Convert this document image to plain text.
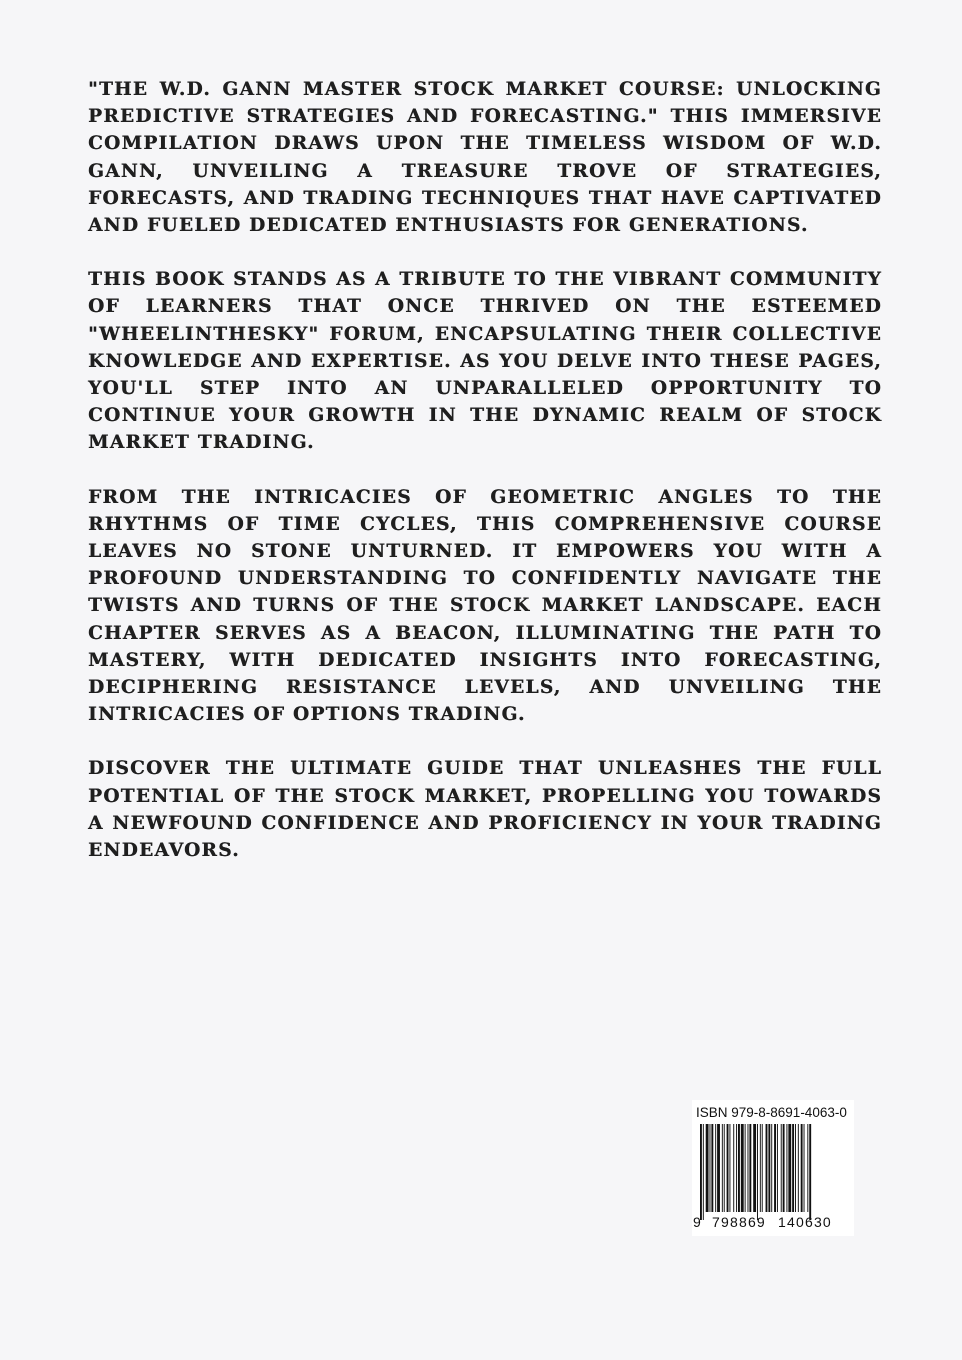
"THE W.D. GANN MASTER STOCK MARKET COURSE: UNLOCKING PREDICTIVE STRATEGIES AND FORECASTING." THIS IMMERSIVE COMPILATION DRAWS UPON THE TIMELESS WISDOM OF W.D. GANN, UNVEILING A TREASURE TROVE OF STRATEGIES, FORECASTS, AND TRADING TECHNIQUES THAT HAVE CAPTIVATED AND FUELED DEDICATED ENTHUSIASTS FOR GENERATIONS.

THIS BOOK STANDS AS A TRIBUTE TO THE VIBRANT COMMUNITY OF LEARNERS THAT ONCE THRIVED ON THE ESTEEMED "WHEELINTHESKY" FORUM, ENCAPSULATING THEIR COLLECTIVE KNOWLEDGE AND EXPERTISE. AS YOU DELVE INTO THESE PAGES, YOU'LL STEP INTO AN UNPARALLELED OPPORTUNITY TO CONTINUE YOUR GROWTH IN THE DYNAMIC REALM OF STOCK MARKET TRADING.

FROM THE INTRICACIES OF GEOMETRIC ANGLES TO THE RHYTHMS OF TIME CYCLES, THIS COMPREHENSIVE COURSE LEAVES NO STONE UNTURNED. IT EMPOWERS YOU WITH A PROFOUND UNDERSTANDING TO CONFIDENTLY NAVIGATE THE TWISTS AND TURNS OF THE STOCK MARKET LANDSCAPE. EACH CHAPTER SERVES AS A BEACON, ILLUMINATING THE PATH TO MASTERY, WITH DEDICATED INSIGHTS INTO FORECASTING, DECIPHERING RESISTANCE LEVELS, AND UNVEILING THE INTRICACIES OF OPTIONS TRADING.

DISCOVER THE ULTIMATE GUIDE THAT UNLEASHES THE FULL POTENTIAL OF THE STOCK MARKET, PROPELLING YOU TOWARDS A NEWFOUND CONFIDENCE AND PROFICIENCY IN YOUR TRADING ENDEAVORS.

ISBN 979-8-8691-4063-0
9 798869 140630
